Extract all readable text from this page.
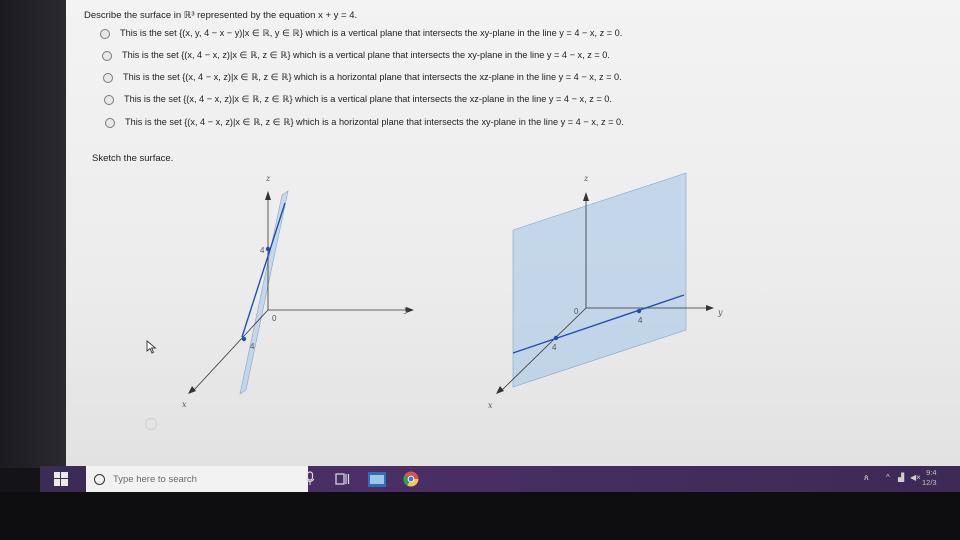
Describe the surface in ℝ³ represented by the equation x + y = 4.
This is the set {(x, y, 4 − x − y)|x ∈ ℝ, y ∈ ℝ} which is a vertical plane that intersects the xy-plane in the line y = 4 − x, z = 0.
This is the set {(x, 4 − x, z)|x ∈ ℝ, z ∈ ℝ} which is a vertical plane that intersects the xy-plane in the line y = 4 − x, z = 0.
This is the set {(x, 4 − x, z)|x ∈ ℝ, z ∈ ℝ} which is a horizontal plane that intersects the xz-plane in the line y = 4 − x, z = 0.
This is the set {(x, 4 − x, z)|x ∈ ℝ, z ∈ ℝ} which is a vertical plane that intersects the xz-plane in the line y = 4 − x, z = 0.
This is the set {(x, 4 − x, z)|x ∈ ℝ, z ∈ ℝ} which is a horizontal plane that intersects the xy-plane in the line y = 4 − x, z = 0.
Sketch the surface.
z
y
x
0
4
4
z
y
x
0
4
4
Type here to search	ጰ ^ ▟ ◀×
9:4
12/3
